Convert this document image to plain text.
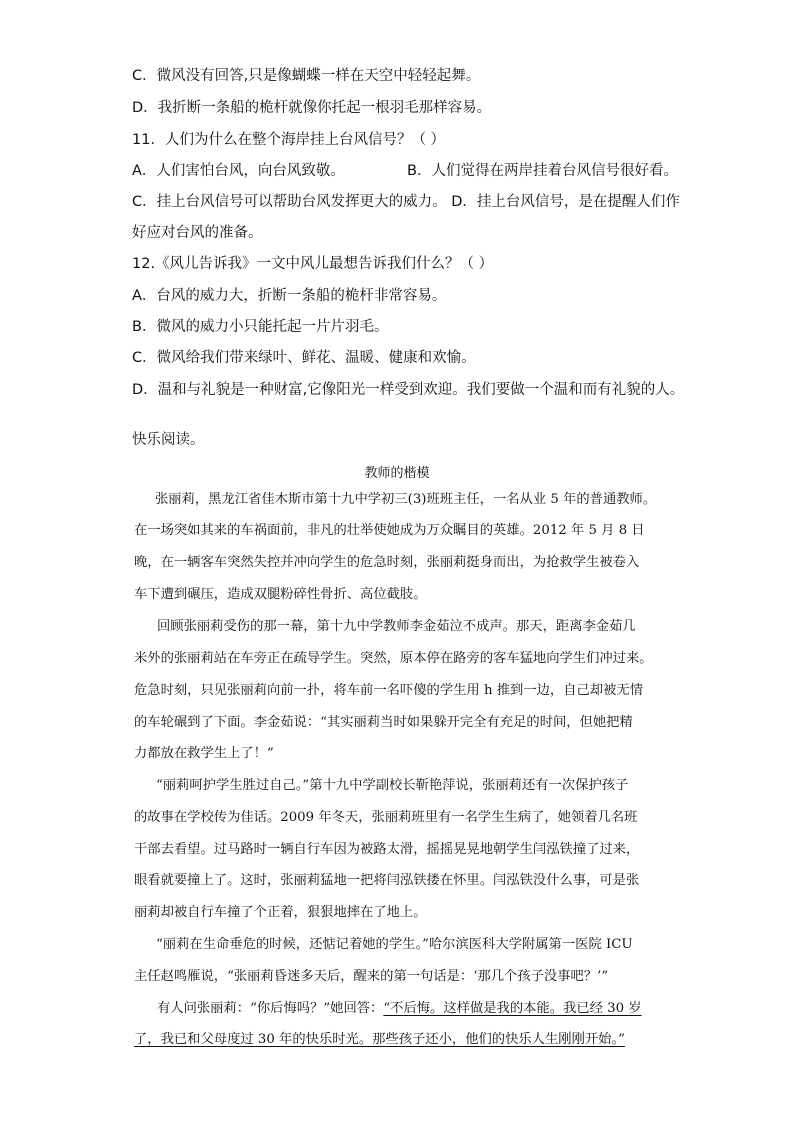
C．微风没有回答,只是像蝴蝶一样在天空中轻轻起舞。
D．我折断一条船的桅杆就像你托起一根羽毛那样容易。
11．人们为什么在整个海岸挂上台风信号？（ ）
A．人们害怕台风，向台风致敬。	B．人们觉得在两岸挂着台风信号很好看。
C．挂上台风信号可以帮助台风发挥更大的威力。 D．挂上台风信号，是在提醒人们作
好应对台风的准备。
12.《风儿告诉我》一文中风儿最想告诉我们什么？（ ）
A．台风的威力大，折断一条船的桅杆非常容易。
B．微风的威力小只能托起一片片羽毛。
C．微风给我们带来绿叶、鲜花、温暖、健康和欢愉。
D．温和与礼貌是一种财富,它像阳光一样受到欢迎。我们要做一个温和而有礼貌的人。
快乐阅读。
教师的楷模
张丽莉，黑龙江省佳木斯市第十九中学初三(3)班班主任，一名从业 5 年的普通教师。
在一场突如其来的车祸面前，非凡的壮举使她成为万众瞩目的英雄。2012 年 5 月 8 日
晚，在一辆客车突然失控并冲向学生的危急时刻，张丽莉挺身而出，为抢救学生被卷入
车下遭到碾压，造成双腿粉碎性骨折、高位截肢。
回顾张丽莉受伤的那一幕，第十九中学教师李金茹泣不成声。那天，距离李金茹几
米外的张丽莉站在车旁正在疏导学生。突然，原本停在路旁的客车猛地向学生们冲过来。
危急时刻，只见张丽莉向前一扑，将车前一名吓傻的学生用 h 推到一边，自己却被无情
的车轮碾到了下面。李金茹说：“其实丽莉当时如果躲开完全有充足的时间，但她把精
力都放在救学生上了！”
“丽莉呵护学生胜过自己。”第十九中学副校长靳艳萍说，张丽莉还有一次保护孩子
的故事在学校传为佳话。2009 年冬天，张丽莉班里有一名学生生病了，她领着几名班
干部去看望。过马路时一辆自行车因为被路太滑，摇摇晃晃地朝学生闫泓铁撞了过来，
眼看就要撞上了。这时，张丽莉猛地一把将闫泓铁搂在怀里。闫泓铁没什么事，可是张
丽莉却被自行车撞了个正着，狠狠地摔在了地上。
“丽莉在生命垂危的时候，还惦记着她的学生。”哈尔滨医科大学附属第一医院 ICU
主任赵鸣雁说，“张丽莉昏迷多天后，醒来的第一句话是：‘那几个孩子没事吧？’”
有人问张丽莉：“你后悔吗？”她回答：“不后悔。这样做是我的本能。我已经 30 岁
了，我已和父母度过 30 年的快乐时光。那些孩子还小，他们的快乐人生刚刚开始。”
